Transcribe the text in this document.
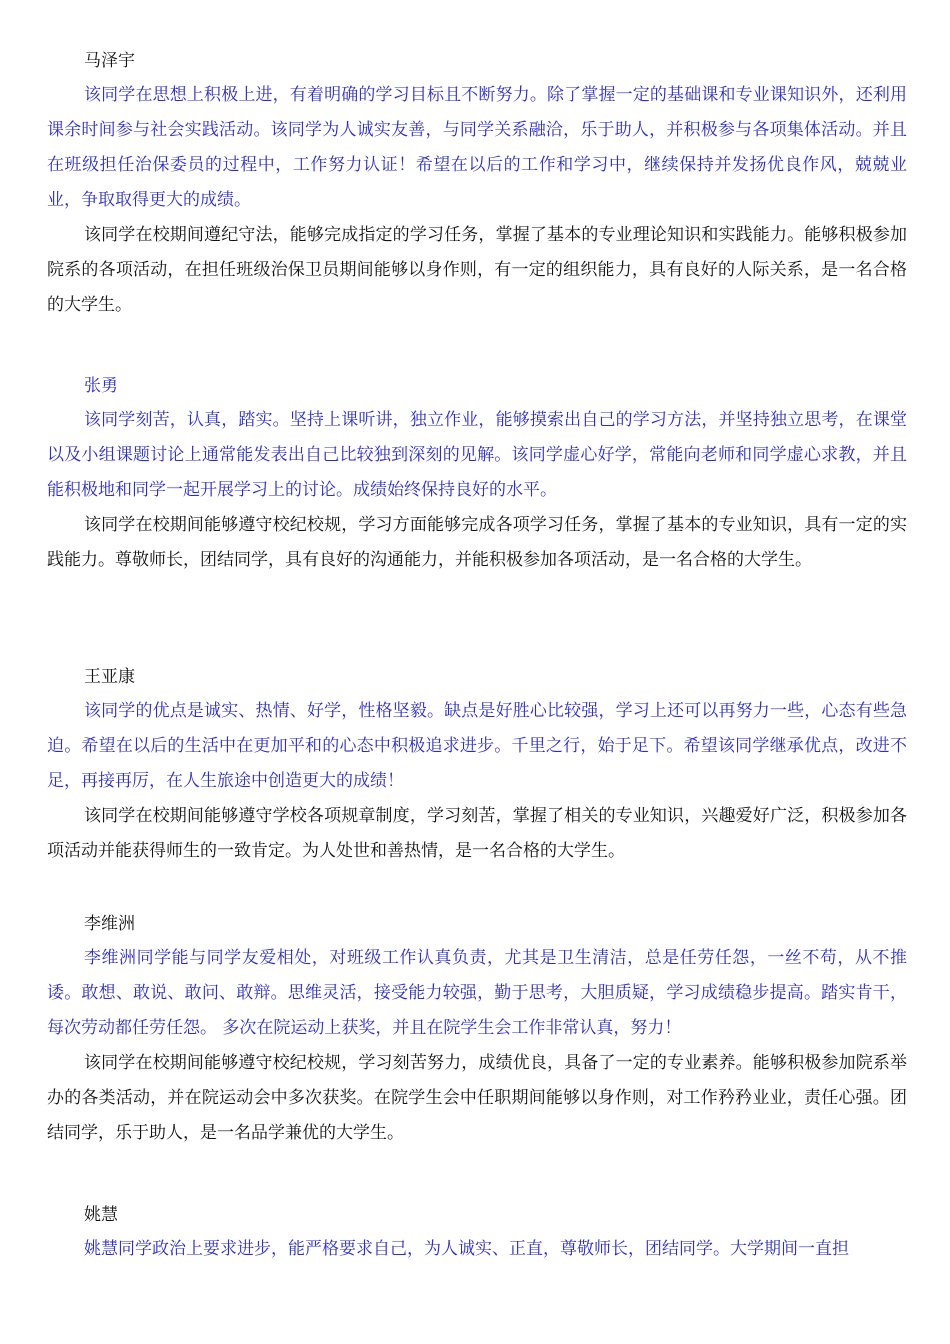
马泽宇

该同学在思想上积极上进，有着明确的学习目标且不断努力。除了掌握一定的基础课和专业课知识外，还利用课余时间参与社会实践活动。该同学为人诚实友善，与同学关系融洽，乐于助人，并积极参与各项集体活动。并且在班级担任治保委员的过程中，工作努力认证！希望在以后的工作和学习中，继续保持并发扬优良作风，兢兢业业，争取取得更大的成绩。

该同学在校期间遵纪守法，能够完成指定的学习任务，掌握了基本的专业理论知识和实践能力。能够积极参加院系的各项活动，在担任班级治保卫员期间能够以身作则，有一定的组织能力，具有良好的人际关系，是一名合格的大学生。

张勇

该同学刻苦，认真，踏实。坚持上课听讲，独立作业，能够摸索出自己的学习方法，并坚持独立思考，在课堂以及小组课题讨论上通常能发表出自己比较独到深刻的见解。该同学虚心好学，常能向老师和同学虚心求教，并且能积极地和同学一起开展学习上的讨论。成绩始终保持良好的水平。

该同学在校期间能够遵守校纪校规，学习方面能够完成各项学习任务，掌握了基本的专业知识，具有一定的实践能力。尊敬师长，团结同学，具有良好的沟通能力，并能积极参加各项活动，是一名合格的大学生。

王亚康

该同学的优点是诚实、热情、好学，性格坚毅。缺点是好胜心比较强，学习上还可以再努力一些，心态有些急迫。希望在以后的生活中在更加平和的心态中积极追求进步。千里之行，始于足下。希望该同学继承优点，改进不足，再接再厉，在人生旅途中创造更大的成绩！

该同学在校期间能够遵守学校各项规章制度，学习刻苦，掌握了相关的专业知识，兴趣爱好广泛，积极参加各项活动并能获得师生的一致肯定。为人处世和善热情，是一名合格的大学生。

李维洲

李维洲同学能与同学友爱相处，对班级工作认真负责，尤其是卫生清洁，总是任劳任怨，一丝不苟，从不推诿。敢想、敢说、敢问、敢辩。思维灵活，接受能力较强，勤于思考，大胆质疑，学习成绩稳步提高。踏实肯干，每次劳动都任劳任怨。 多次在院运动上获奖，并且在院学生会工作非常认真，努力！

该同学在校期间能够遵守校纪校规，学习刻苦努力，成绩优良，具备了一定的专业素养。能够积极参加院系举办的各类活动，并在院运动会中多次获奖。在院学生会中任职期间能够以身作则，对工作矜矜业业，责任心强。团结同学，乐于助人，是一名品学兼优的大学生。

姚慧

姚慧同学政治上要求进步，能严格要求自己，为人诚实、正直，尊敬师长，团结同学。大学期间一直担
